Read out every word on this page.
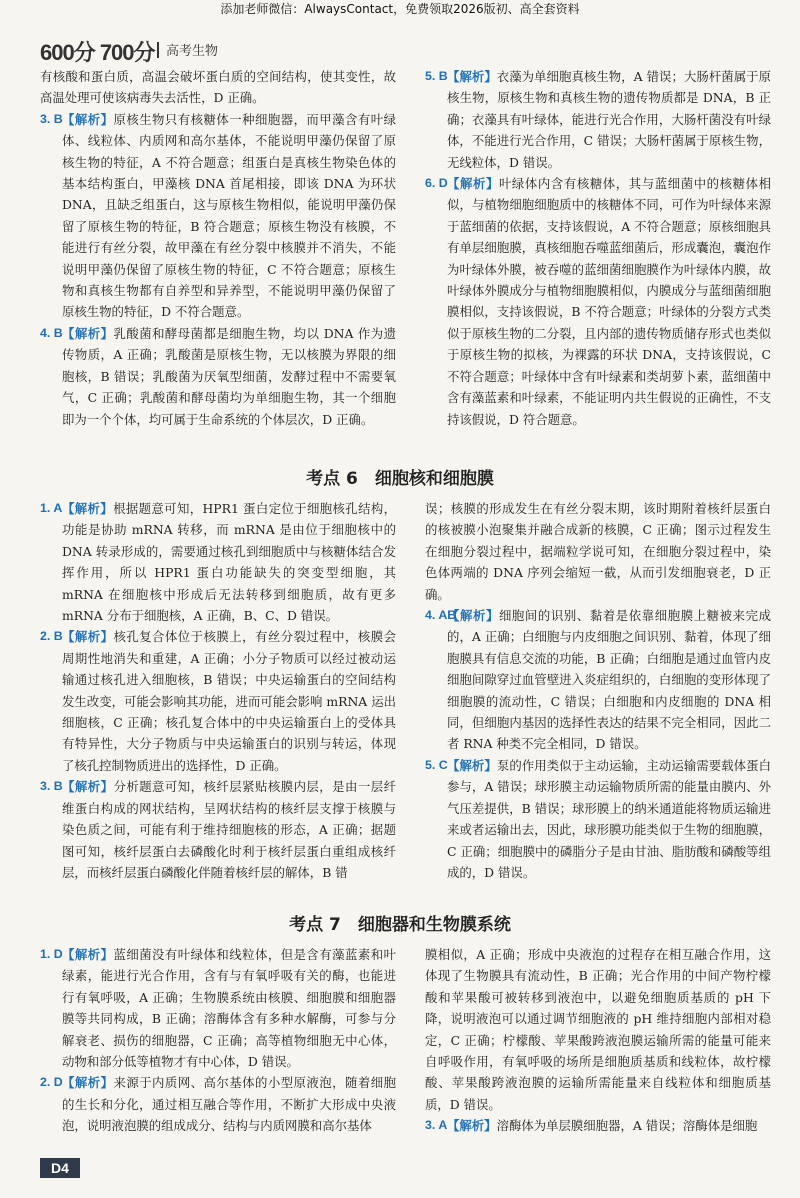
添加老师微信：AlwaysContact，免费领取2026版初、高全套资料
600分 700分 高考生物

有核酸和蛋白质，高温会破坏蛋白质的空间结构，使其变性，故高温处理可使该病毒失去活性，D 正确。

3. B 【解析】原核生物只有核糖体一种细胞器，而甲藻含有叶绿体、线粒体、内质网和高尔基体，不能说明甲藻仍保留了原核生物的特征，A 不符合题意；组蛋白是真核生物染色体的基本结构蛋白，甲藻核 DNA 首尾相接，即该 DNA 为环状 DNA，且缺乏组蛋白，这与原核生物相似，能说明甲藻仍保留了原核生物的特征，B 符合题意；原核生物没有核膜，不能进行有丝分裂，故甲藻在有丝分裂中核膜并不消失，不能说明甲藻仍保留了原核生物的特征，C 不符合题意；原核生物和真核生物都有自养型和异养型，不能说明甲藻仍保留了原核生物的特征，D 不符合题意。

4. B 【解析】乳酸菌和酵母菌都是细胞生物，均以 DNA 作为遗传物质，A 正确；乳酸菌是原核生物，无以核膜为界限的细胞核，B 错误；乳酸菌为厌氧型细菌，发酵过程中不需要氧气，C 正确；乳酸菌和酵母菌均为单细胞生物，其一个细胞即为一个个体，均可属于生命系统的个体层次，D 正确。

5. B 【解析】衣藻为单细胞真核生物，A 错误；大肠杆菌属于原核生物，原核生物和真核生物的遗传物质都是 DNA，B 正确；衣藻具有叶绿体，能进行光合作用，大肠杆菌没有叶绿体，不能进行光合作用，C 错误；大肠杆菌属于原核生物，无线粒体，D 错误。

6. D 【解析】叶绿体内含有核糖体，其与蓝细菌中的核糖体相似，与植物细胞细胞质中的核糖体不同，可作为叶绿体来源于蓝细菌的依据，支持该假说，A 不符合题意；原核细胞具有单层细胞膜，真核细胞吞噬蓝细菌后，形成囊泡，囊泡作为叶绿体外膜，被吞噬的蓝细菌细胞膜作为叶绿体内膜，故叶绿体外膜成分与植物细胞膜相似，内膜成分与蓝细菌细胞膜相似，支持该假说，B 不符合题意；叶绿体的分裂方式类似于原核生物的二分裂，且内部的遗传物质储存形式也类似于原核生物的拟核，为裸露的环状 DNA，支持该假说，C 不符合题意；叶绿体中含有叶绿素和类胡萝卜素，蓝细菌中含有藻蓝素和叶绿素，不能证明内共生假说的正确性，不支持该假说，D 符合题意。

考点 6　细胞核和细胞膜

1. A 【解析】根据题意可知，HPR1 蛋白定位于细胞核孔结构，功能是协助 mRNA 转移，而 mRNA 是由位于细胞核中的 DNA 转录形成的，需要通过核孔到细胞质中与核糖体结合发挥作用，所以 HPR1 蛋白功能缺失的突变型细胞，其 mRNA 在细胞核中形成后无法转移到细胞质，故有更多 mRNA 分布于细胞核，A 正确，B、C、D 错误。

2. B 【解析】核孔复合体位于核膜上，有丝分裂过程中，核膜会周期性地消失和重建，A 正确；小分子物质可以经过被动运输通过核孔进入细胞核，B 错误；中央运输蛋白的空间结构发生改变，可能会影响其功能，进而可能会影响 mRNA 运出细胞核，C 正确；核孔复合体中的中央运输蛋白上的受体具有特异性，大分子物质与中央运输蛋白的识别与转运，体现了核孔控制物质进出的选择性，D 正确。

3. B 【解析】分析题意可知，核纤层紧贴核膜内层，是由一层纤维蛋白构成的网状结构，呈网状结构的核纤层支撑于核膜与染色质之间，可能有利于维持细胞核的形态，A 正确；据题图可知，核纤层蛋白去磷酸化时利于核纤层蛋白重组成核纤层，而核纤层蛋白磷酸化伴随着核纤层的解体，B 错

误；核膜的形成发生在有丝分裂末期，该时期附着核纤层蛋白的核被膜小泡聚集并融合成新的核膜，C 正确；图示过程发生在细胞分裂过程中，据端粒学说可知，在细胞分裂过程中，染色体两端的 DNA 序列会缩短一截，从而引发细胞衰老，D 正确。

4. AB
【解析】细胞间的识别、黏着是依靠细胞膜上糖被来完成的，A 正确；白细胞与内皮细胞之间识别、黏着，体现了细胞膜具有信息交流的功能，B 正确；白细胞是通过血管内皮细胞间隙穿过血管壁进入炎症组织的，白细胞的变形体现了细胞膜的流动性，C 错误；白细胞和内皮细胞的 DNA 相同，但细胞内基因的选择性表达的结果不完全相同，因此二者 RNA 种类不完全相同，D 错误。

5. C 【解析】泵的作用类似于主动运输，主动运输需要载体蛋白参与，A 错误；球形膜主动运输物质所需的能量由膜内、外气压差提供，B 错误；球形膜上的纳米通道能将物质运输进来或者运输出去，因此，球形膜功能类似于生物的细胞膜，C 正确；细胞膜中的磷脂分子是由甘油、脂肪酸和磷酸等组成的，D 错误。

考点 7　细胞器和生物膜系统

1. D 【解析】蓝细菌没有叶绿体和线粒体，但是含有藻蓝素和叶绿素，能进行光合作用，含有与有氧呼吸有关的酶，也能进行有氧呼吸，A 正确；生物膜系统由核膜、细胞膜和细胞器膜等共同构成，B 正确；溶酶体含有多种水解酶，可参与分解衰老、损伤的细胞器，C 正确；高等植物细胞无中心体，动物和部分低等植物才有中心体，D 错误。

2. D 【解析】来源于内质网、高尔基体的小型原液泡，随着细胞的生长和分化，通过相互融合等作用，不断扩大形成中央液泡，说明液泡膜的组成成分、结构与内质网膜和高尔基体

膜相似，A 正确；形成中央液泡的过程存在相互融合作用，这体现了生物膜具有流动性，B 正确；光合作用的中间产物柠檬酸和苹果酸可被转移到液泡中，以避免细胞质基质的 pH 下降，说明液泡可以通过调节细胞液的 pH 维持细胞内部相对稳定，C 正确；柠檬酸、苹果酸跨液泡膜运输所需的能量可能来自呼吸作用，有氧呼吸的场所是细胞质基质和线粒体，故柠檬酸、苹果酸跨液泡膜的运输所需能量来自线粒体和细胞质基质，D 错误。

3. A 【解析】溶酶体为单层膜细胞器，A 错误；溶酶体是细胞

D4
